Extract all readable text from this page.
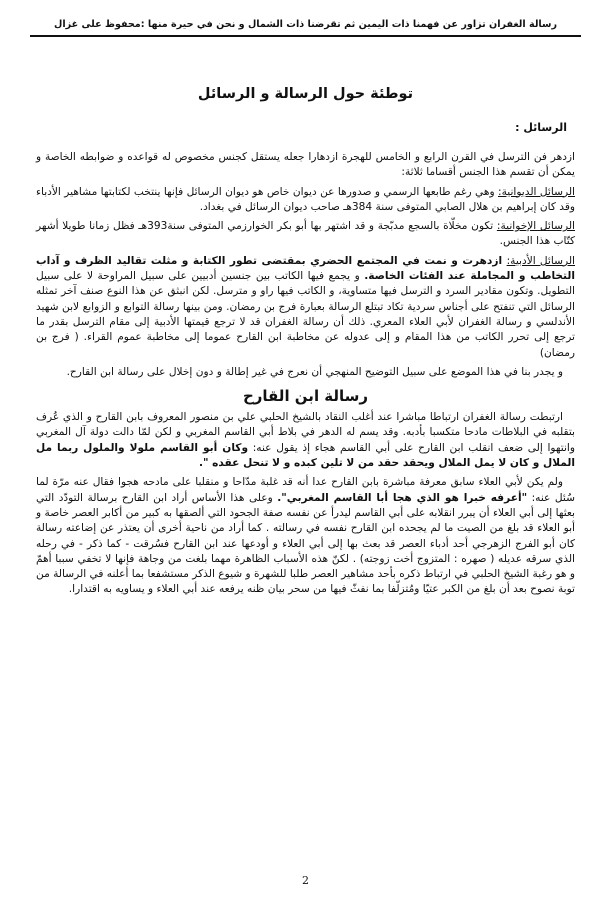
رسالة الغفران تزاور عن فهمنا ذات اليمين ثم تقرضنا ذات الشمال و نحن في حيرة منها :محفوظ على غزال
توطئة حول الرسالة و الرسائل
الرسائل :

ازدهر فن الترسل في القرن الرابع و الخامس للهجرة ازدهارا جعله يستقل كجنس مخصوص له قواعده و ضوابطه الخاصة و يمكن أن تقسم هذا الجنس أقساما ثلاثة:

الرسائل الديوانية: وهي رغم طابعها الرسمي و صدورها عن ديوان خاص هو ديوان الرسائل فإنها ينتخب لكتابتها مشاهير الأدباء وقد كان إبراهيم بن هلال الصابي المتوفى سنة 384هـ صاحب ديوان الرسائل في بغداد.

الرسائل الإخوانية: تكون مخلّاة بالسجع مدبّجة و قد اشتهر بها أبو بكر الخوارزمي المتوفى سنة393هـ فظل زمانا طويلا أشهر كتّاب هذا الجنس.

الرسائل الأدبية: ازدهرت و نمت في المجتمع الحضري بمقتضى تطور الكتابة و مثلت تقاليد الظرف و آداب التخاطب و المجاملة عند الفئات الخاصة. و يجمع فيها الكاتب بين جنسين أدبيين على سبيل المراوحة لا على سبيل التطويل. وتكون مقادير السرد و الترسل فيها متساوية، و الكاتب فيها راو و مترسل. لكن انبثق عن هذا النوع صنف آخر تمثله الرسائل التي تنفتح على أجناس سردية تكاد تبتلع الرسالة بعبارة فرج بن رمضان. ومن بينها رسالة التوابع و الزوابع لابن شهيد الأندلسي و رسالة الغفران لأبي العلاء المعري. ذلك أن رسالة الغفران قد لا ترجع قيمتها الأدبية إلى مقام الترسل بقدر ما ترجع إلى تحرر الكاتب من هذا المقام و إلى عدوله عن مخاطبة ابن القارح عموما إلى مخاطبة عموم القراء. ( فرج بن رمضان)

و يجدر بنا في هذا الموضع على سبيل التوضيح المنهجي أن نعرج في غير إطالة و دون إخلال على رسالة ابن القارح.

رسالة ابن القارح

ارتبطت رسالة الغفران ارتباطا مباشرا عند أغلب النقاد بالشيخ الحلبي علي بن منصور المعروف بابن القارح و الذي عُرف بتقلبه في البلاطات مادحا متكسبا بأدبه. وقد يسم له الدهر في بلاط أبي القاسم المغربي و لكن لمّا دالت دولة آل المغربي وانتهوا إلى ضعف انقلب ابن القارح على أبي القاسم هجاء إذ يقول عنه: وكان أبو القاسم ملولا والملول ربما مل الملال و كان لا يمل الملال ويحقد حقد من لا تلين كبده و لا تنحل عقده ".

ولم يكن لأبي العلاء سابق معرفة مباشرة بابن القارح عدا أنه قد غلبة مدّاحا و منقلبا على مادحه هجوا فقال عنه مرّة لما سُئل عنه: "أعرفه خبرا هو الذي هجا أبا القاسم المغربي". وعلى هذا الأساس أراد ابن القارح برسالة التودّد التي بعثها إلى أبي العلاء أن يبرر انقلابه على أبي القاسم ليدرأ عن نفسه صفة الجحود التي ألصقها به كبير من أكابر العصر خاصة و أبو العلاء قد بلغ من الصيت ما لم يجحده ابن القارح نفسه في رسالته . كما أراد من ناحية أخرى أن يعتذر عن إضاعته رسالة كان أبو الفرج الزهرجي أحد أدباء العصر قد بعث بها إلى أبي العلاء و أودعها عند ابن القارح فسُرقت - كما ذكر - في رحله الذي سرقه عديله ( صهره : المتزوج أخت زوجته) . لكنّ هذه الأسباب الظاهرة مهما بلغت من وجاهة فإنها لا تخفي سببا أهمّ و هو رغبة الشيخ الحلبي في ارتباط ذكره بأحد مشاهير العصر طلبا للشهرة و شيوع الذكر مستشفعا بما أعلنه في الرسالة من توبة نصوح بعد أن بلغ من الكبر عتيّا ومُتزلّفا بما نفثّ فيها من سحر بيان ظنه يرفعه عند أبي العلاء و يساويه به اقتدارا.

2
